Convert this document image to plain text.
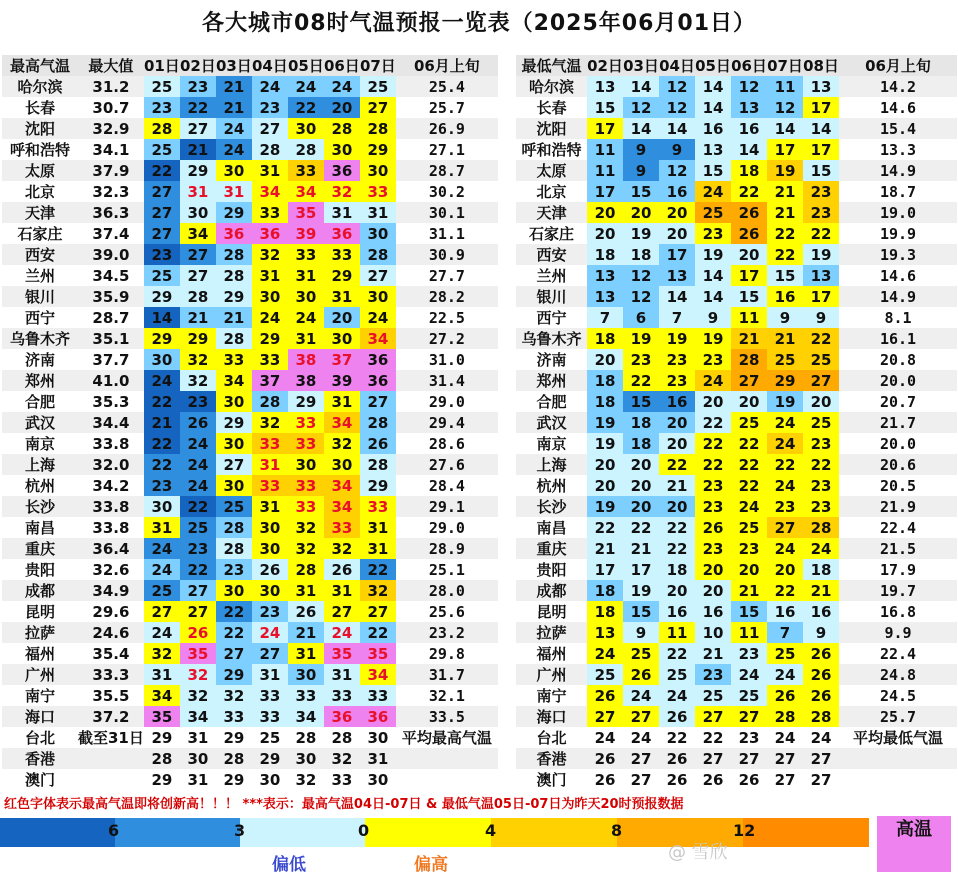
各大城市08时气温预报一览表（2025年06月01日）
最高气温	最大值	01日	02日	03日	04日	05日	06日	07日	06月上旬
哈尔滨	31.2	25	23	21	24	24	24	25	25.4
长春	30.7	23	22	21	23	22	20	27	25.7
沈阳	32.9	28	27	24	27	30	28	28	26.9
呼和浩特	34.1	25	21	24	28	28	30	29	27.1
太原	37.9	22	29	30	31	33	36	30	28.7
北京	32.3	27	31	31	34	34	32	33	30.2
天津	36.3	27	30	29	33	35	31	31	30.1
石家庄	37.4	27	34	36	36	39	36	30	31.1
西安	39.0	23	27	28	32	33	33	28	30.9
兰州	34.5	25	27	28	31	31	29	27	27.7
银川	35.9	29	28	29	30	30	31	30	28.2
西宁	28.7	14	21	21	24	24	20	24	22.5
乌鲁木齐	35.1	29	29	28	29	31	30	34	27.2
济南	37.7	30	32	33	33	38	37	36	31.0
郑州	41.0	24	32	34	37	38	39	36	31.4
合肥	35.3	22	23	30	28	29	31	27	29.0
武汉	34.4	21	26	29	32	33	34	28	29.4
南京	33.8	22	24	30	33	33	32	26	28.6
上海	32.0	22	24	27	31	30	30	28	27.6
杭州	34.2	23	24	30	33	33	34	29	28.4
长沙	33.8	30	22	25	31	33	34	33	29.1
南昌	33.8	31	25	28	30	32	33	31	29.0
重庆	36.4	24	23	28	30	32	32	31	28.9
贵阳	32.6	24	22	23	26	28	26	22	25.1
成都	34.9	25	27	30	30	31	31	32	28.0
昆明	29.6	27	27	22	23	26	27	27	25.6
拉萨	24.6	24	26	22	24	21	24	22	23.2
福州	35.4	32	35	27	27	31	35	35	29.8
广州	33.3	31	32	29	31	30	31	34	31.7
南宁	35.5	34	32	32	33	33	33	33	32.1
海口	37.2	35	34	33	33	34	36	36	33.5
台北	截至31日	29	31	29	25	28	28	30	平均最高气温
香港		28	30	28	29	30	32	31	
澳门		29	31	29	30	32	33	30	
最低气温	02日	03日	04日	05日	06日	07日	08日	06月上旬
哈尔滨	13	14	12	14	12	11	13	14.2
长春	15	12	12	14	13	12	17	14.6
沈阳	17	14	14	16	16	14	14	15.4
呼和浩特	11	9	9	13	14	17	17	13.3
太原	11	9	12	15	18	19	15	14.9
北京	17	15	16	24	22	21	23	18.7
天津	20	20	20	25	26	21	23	19.0
石家庄	20	19	20	23	26	22	22	19.9
西安	18	18	17	19	20	22	19	19.3
兰州	13	12	13	14	17	15	13	14.6
银川	13	12	14	14	15	16	17	14.9
西宁	7	6	7	9	11	9	9	8.1
乌鲁木齐	18	19	19	19	21	21	22	16.1
济南	20	23	23	23	28	25	25	20.8
郑州	18	22	23	24	27	29	27	20.0
合肥	18	15	16	20	20	19	20	20.7
武汉	19	18	20	22	25	24	25	21.7
南京	19	18	20	22	22	24	23	20.0
上海	20	20	22	22	22	22	22	20.6
杭州	20	20	21	23	22	24	23	20.5
长沙	19	20	20	23	24	23	23	21.9
南昌	22	22	22	26	25	27	28	22.4
重庆	21	21	22	23	23	24	24	21.5
贵阳	17	17	18	20	20	20	18	17.9
成都	18	19	20	20	21	22	21	19.7
昆明	18	15	16	16	15	16	16	16.8
拉萨	13	9	11	10	11	7	9	9.9
福州	24	25	22	21	23	25	26	22.4
广州	25	26	25	23	24	24	26	24.8
南宁	26	24	24	25	25	26	26	24.5
海口	27	27	26	27	27	28	28	25.7
台北	24	24	22	22	23	24	24	平均最低气温
香港	26	27	26	27	27	27	27	
澳门	26	27	26	26	26	27	27	
红色字体表示最高气温即将创新高！！！ ***表示：最高气温04日-07日 & 最低气温05日-07日为昨天20时预报数据
6	3	0	4	8	12
偏低	偏高
高温
@ 雪欣
